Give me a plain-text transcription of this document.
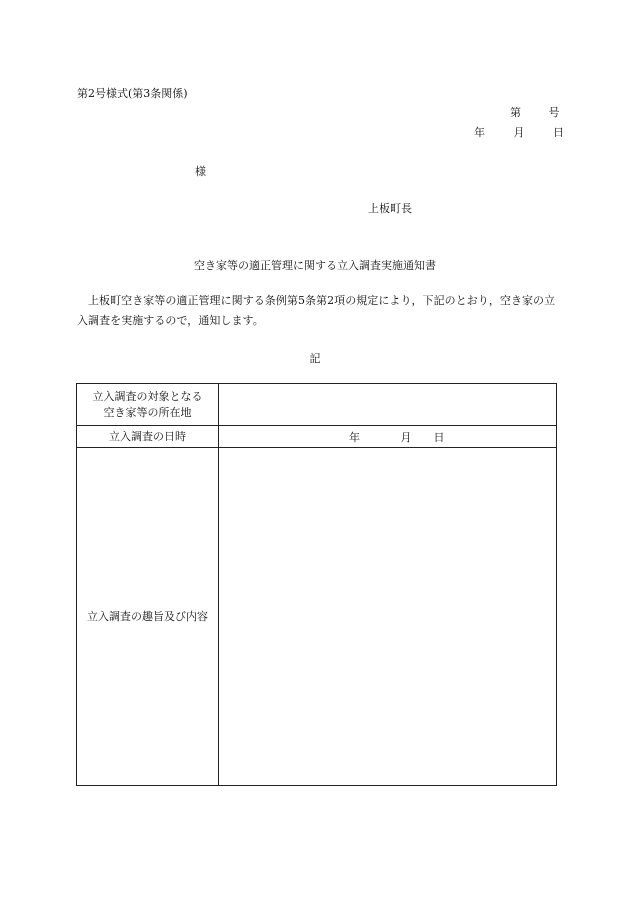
第2号様式(第3条関係)
第	号
年	月	日
様
上板町長
空き家等の適正管理に関する立入調査実施通知書
上板町空き家等の適正管理に関する条例第5条第2項の規定により，下記のとおり，空き家の立入調査を実施するので，通知します。
記
立入調査の対象となる
空き家等の所在地	

立入調査の日時	年 月 日
立入調査の趣旨及び内容	
